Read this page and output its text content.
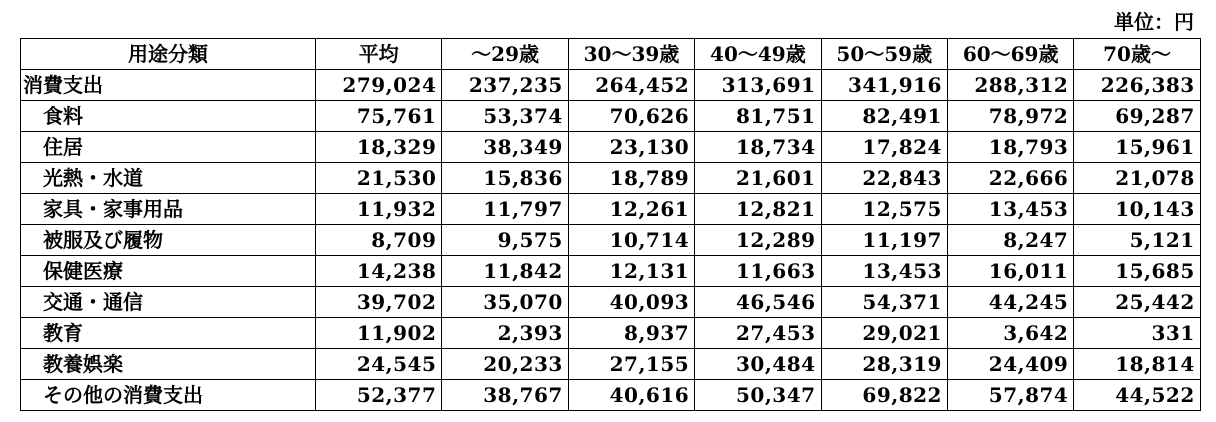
単位：円
用途分類	平均	～29歳	30～39歳	40～49歳	50～59歳	60～69歳	70歳～
消費支出	279,024	237,235	264,452	313,691	341,916	288,312	226,383
食料	75,761	53,374	70,626	81,751	82,491	78,972	69,287
住居	18,329	38,349	23,130	18,734	17,824	18,793	15,961
光熱・水道	21,530	15,836	18,789	21,601	22,843	22,666	21,078
家具・家事用品	11,932	11,797	12,261	12,821	12,575	13,453	10,143
被服及び履物	8,709	9,575	10,714	12,289	11,197	8,247	5,121
保健医療	14,238	11,842	12,131	11,663	13,453	16,011	15,685
交通・通信	39,702	35,070	40,093	46,546	54,371	44,245	25,442
教育	11,902	2,393	8,937	27,453	29,021	3,642	331
教養娯楽	24,545	20,233	27,155	30,484	28,319	24,409	18,814
その他の消費支出	52,377	38,767	40,616	50,347	69,822	57,874	44,522
